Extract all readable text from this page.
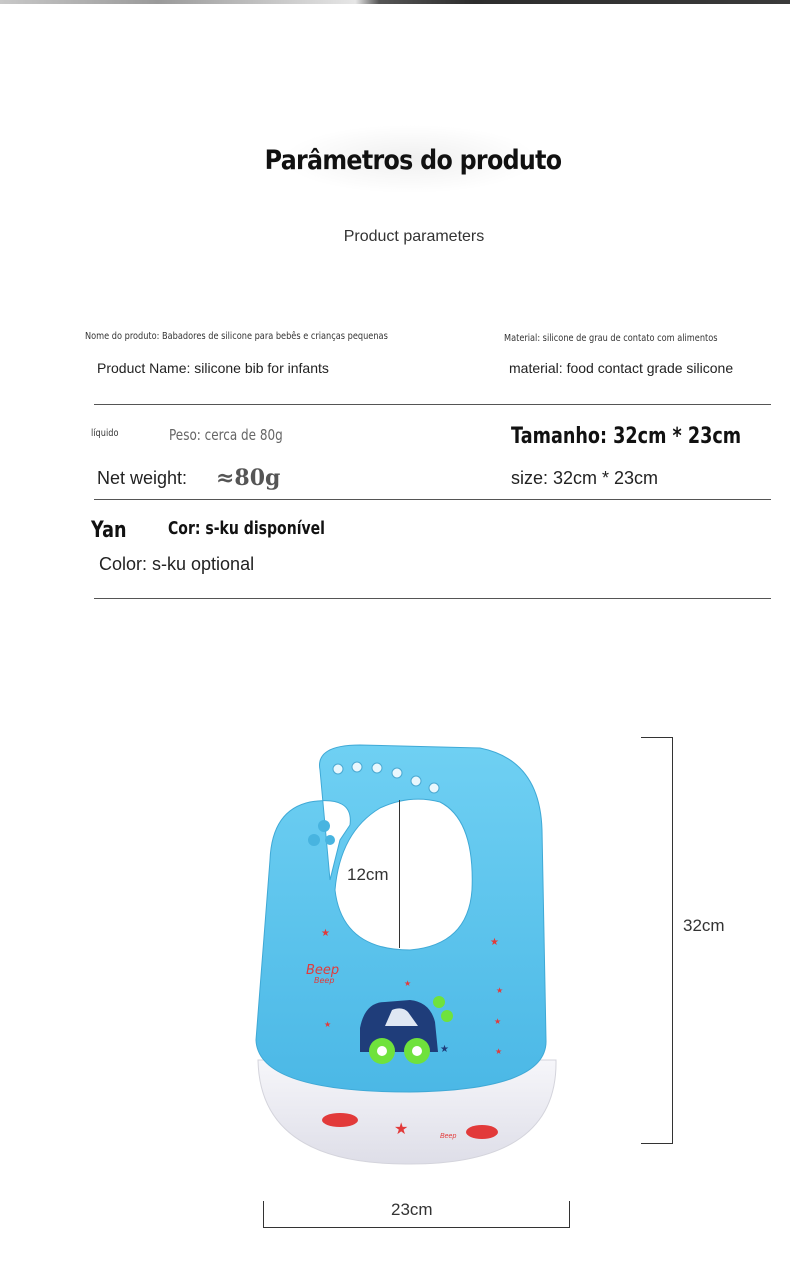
Parâmetros do produto
Product parameters
Nome do produto: Babadores de silicone para bebês e crianças pequenas
Product Name: silicone bib for infants
Material: silicone de grau de contato com alimentos
material: food contact grade silicone
líquido	Peso: cerca de 80g
Net weight: ≈80g
Tamanho: 32cm * 23cm
size: 32cm * 23cm
Yan Cor: s-ku disponível
Color: s-ku optional
Beep
Beep
★
★
★
★
★	★
★
★
★	Beep
12cm
32cm
23cm
